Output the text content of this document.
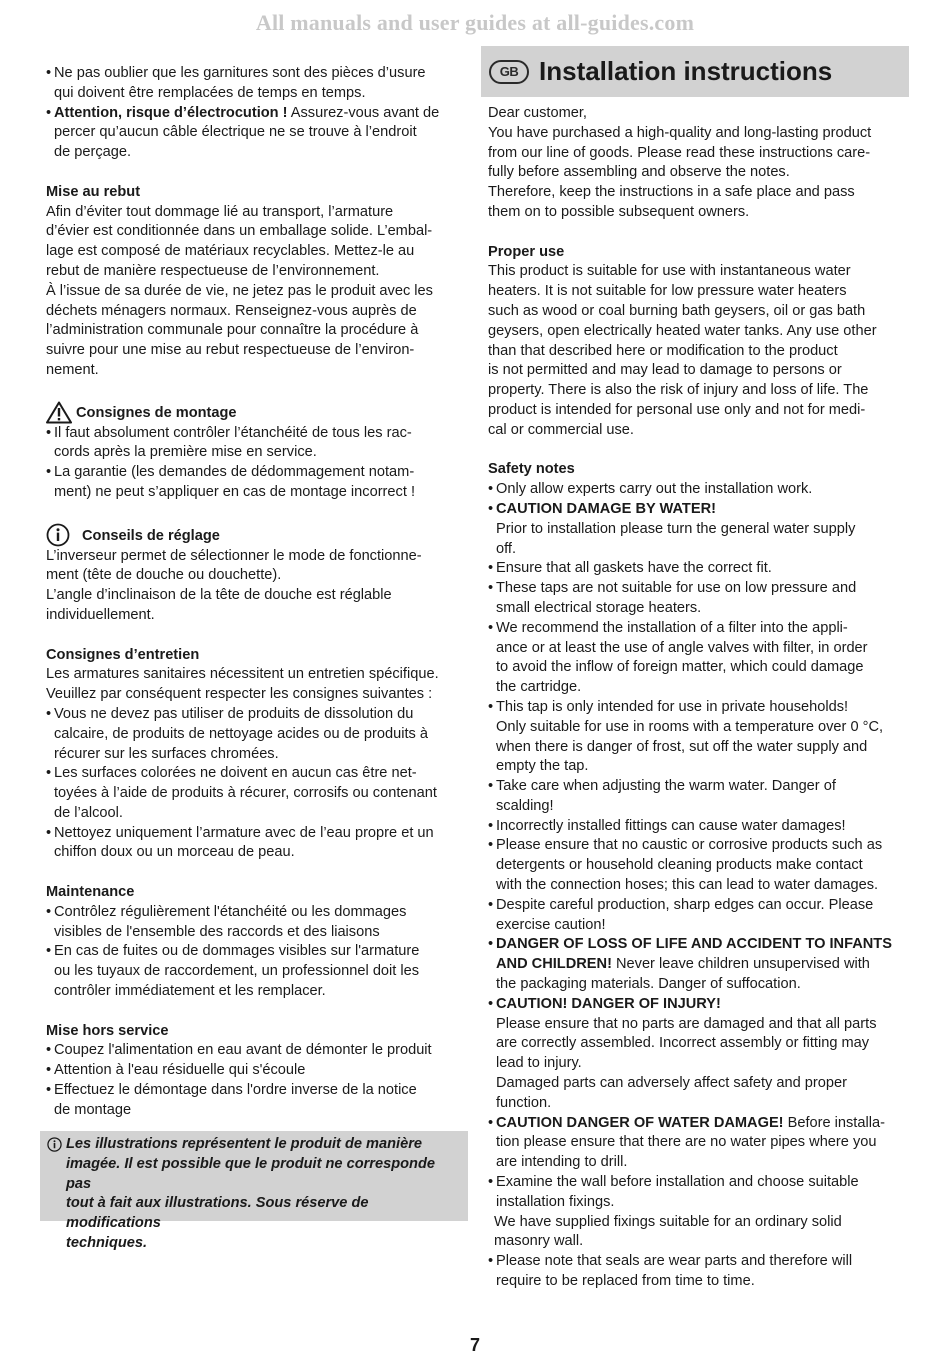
All manuals and user guides at all-guides.com

• Ne pas oublier que les garnitures sont des pièces d’usure

qui doivent être remplacées de temps en temps.

• Attention, risque d’électrocution ! Assurez-vous avant de

percer qu’aucun câble électrique ne se trouve à l’endroit

de perçage.

Mise au rebut

Afin d’éviter tout dommage lié au transport, l’armature

d’évier est conditionnée dans un emballage solide. L’embal-

lage est composé de matériaux recyclables. Mettez-le au

rebut de manière respectueuse de l’environnement.

À l’issue de sa durée de vie, ne jetez pas le produit avec les

déchets ménagers normaux. Renseignez-vous auprès de

l’administration communale pour connaître la procédure à

suivre pour une mise au rebut respectueuse de l’environ-

nement.

Consignes de montage

• Il faut absolument contrôler l’étanchéité de tous les rac-

cords après la première mise en service.

• La garantie (les demandes de dédommagement notam-

ment) ne peut s’appliquer en cas de montage incorrect !

Conseils de réglage

L’inverseur permet de sélectionner le mode de fonctionne-

ment (tête de douche ou douchette).

L’angle d’inclinaison de la tête de douche est réglable

individuellement.

Consignes d’entretien

Les armatures sanitaires nécessitent un entretien spécifique.

Veuillez par conséquent respecter les consignes suivantes :

• Vous ne devez pas utiliser de produits de dissolution du

calcaire, de produits de nettoyage acides ou de produits à

récurer sur les surfaces chromées.

• Les surfaces colorées ne doivent en aucun cas être net-

toyées à l’aide de produits à récurer, corrosifs ou contenant

de l’alcool.

• Nettoyez uniquement l’armature avec de l’eau propre et un

chiffon doux ou un morceau de peau.

Maintenance

• Contrôlez régulièrement l'étanchéité ou les dommages

visibles de l'ensemble des raccords et des liaisons

• En cas de fuites ou de dommages visibles sur l'armature

ou les tuyaux de raccordement, un professionnel doit les

contrôler immédiatement et les remplacer.

Mise hors service

• Coupez l'alimentation en eau avant de démonter le produit

• Attention à l'eau résiduelle qui s'écoule

• Effectuez le démontage dans l'ordre inverse de la notice

de montage

Les illustrations représentent le produit de manière

imagée. Il est possible que le produit ne corresponde pas

tout à fait aux illustrations. Sous réserve de modifications

techniques.

GB Installation instructions

Dear customer,

You have purchased a high-quality and long-lasting product

from our line of goods. Please read these instructions care-

fully before assembling and observe the notes.

Therefore, keep the instructions in a safe place and pass

them on to possible subsequent owners.

Proper use

This product is suitable for use with instantaneous water

heaters. It is not suitable for low pressure water heaters

such as wood or coal burning bath geysers, oil or gas bath

geysers, open electrically heated water tanks. Any use other

than that described here or modification to the product

is not permitted and may lead to damage to persons or

property. There is also the risk of injury and loss of life. The

product is intended for personal use only and not for medi-

cal or commercial use.

Safety notes

• Only allow experts carry out the installation work.

• CAUTION DAMAGE BY WATER!

Prior to installation please turn the general water supply

off.

• Ensure that all gaskets have the correct fit.

• These taps are not suitable for use on low pressure and

small electrical storage heaters.

• We recommend the installation of a filter into the appli-

ance or at least the use of angle valves with filter, in order

to avoid the inflow of foreign matter, which could damage

the cartridge.

• This tap is only intended for use in private households!

Only suitable for use in rooms with a temperature over 0 °C,

when there is danger of frost, sut off the water supply and

empty the tap.

• Take care when adjusting the warm water. Danger of

scalding!

• Incorrectly installed fittings can cause water damages!

• Please ensure that no caustic or corrosive products such as

detergents or household cleaning products make contact

with the connection hoses; this can lead to water damages.

• Despite careful production, sharp edges can occur. Please

exercise caution!

• DANGER OF LOSS OF LIFE AND ACCIDENT TO INFANTS

AND CHILDREN! Never leave children unsupervised with

the packaging materials. Danger of suffocation.

• CAUTION! DANGER OF INJURY!

Please ensure that no parts are damaged and that all parts

are correctly assembled. Incorrect assembly or fitting may

lead to injury.

Damaged parts can adversely affect safety and proper

function.

• CAUTION DANGER OF WATER DAMAGE! Before installa-

tion please ensure that there are no water pipes where you

are intending to drill.

• Examine the wall before installation and choose suitable

installation fixings.

We have supplied fixings suitable for an ordinary solid

masonry wall.

• Please note that seals are wear parts and therefore will

require to be replaced from time to time.

7
